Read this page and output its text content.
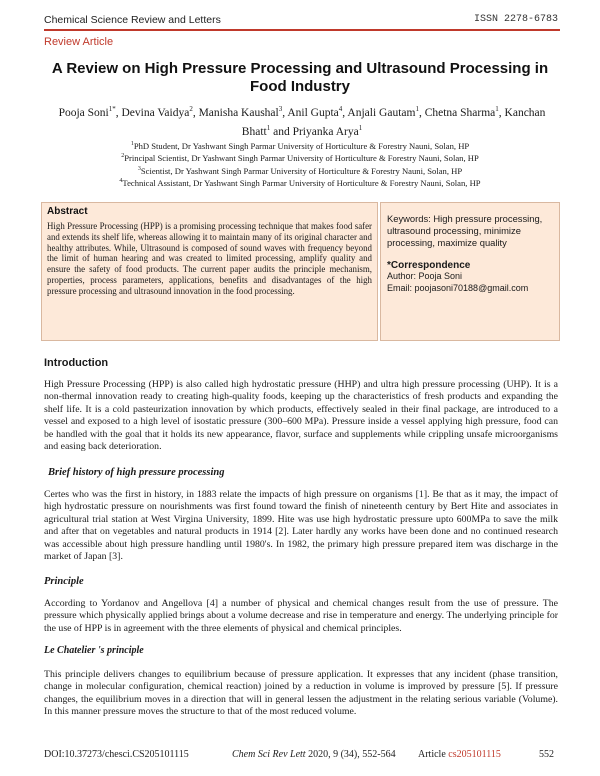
Chemical Science Review and Letters	ISSN 2278-6783
Review Article
A Review on High Pressure Processing and Ultrasound Processing in Food Industry
Pooja Soni$^{1*}$, Devina Vaidya$^2$, Manisha Kaushal$^3$, Anil Gupta$^4$, Anjali Gautam$^1$, Chetna Sharma$^1$, Kanchan Bhatt$^1$ and Priyanka Arya$^1$
$^1$PhD Student, Dr Yashwant Singh Parmar University of Horticulture & Forestry Nauni, Solan, HP
$^2$Principal Scientist, Dr Yashwant Singh Parmar University of Horticulture & Forestry Nauni, Solan, HP
$^3$Scientist, Dr Yashwant Singh Parmar University of Horticulture & Forestry Nauni, Solan, HP
$^4$Technical Assistant, Dr Yashwant Singh Parmar University of Horticulture & Forestry Nauni, Solan, HP
Abstract

High Pressure Processing (HPP) is a promising processing technique that makes food safer and extends its shelf life, whereas allowing it to maintain many of its original character and healthy attributes. While, Ultrasound is composed of sound waves with frequency beyond the limit of human hearing and was created to limited processing, amplify quality and ensure the safety of food products. The current paper audits the principle mechanism, properties, process parameters, applications, benefits and disadvantages of the high pressure processing and ultrasound innovation in the food processing.

Keywords: High pressure processing, ultrasound processing, minimize processing, maximize quality
*Correspondence
Author: Pooja Soni
Email: poojasoni70188@gmail.com
Introduction

High Pressure Processing (HPP) is also called high hydrostatic pressure (HHP) and ultra high pressure processing (UHP). It is a non-thermal innovation ready to creating high-quality foods, keeping up the characteristics of fresh products and expanding the shelf life. It is a cold pasteurization innovation by which products, effectively sealed in their final package, are introduced to a vessel and exposed to a high level of isostatic pressure (300–600 MPa). Pressure inside a vessel applying high pressure, food can be handled with the goal that it holds its new appearance, flavor, surface and supplements while crippling unsafe microorganisms and easing back deterioration.

Brief history of high pressure processing

Certes who was the first in history, in 1883 relate the impacts of high pressure on organisms [1]. Be that as it may, the impact of high hydrostatic pressure on nourishments was first found toward the finish of nineteenth century by Bert Hite and associates in agricultural trial station at West Virgina University, 1899. Hite was use high hydrostatic pressure upto 600MPa to save the milk and after that on vegetables and natural products in 1914 [2]. Later hardly any works have been done and no continued research was accessible about high pressure handling until 1980's. In 1982, the primary high pressure prepared item was discharge in the market of Japan [3].

Principle

According to Yordanov and Angellova [4] a number of physical and chemical changes result from the use of pressure. The pressure which physically applied brings about a volume decrease and rise in temperature and energy. The underlying principle for the use of HPP is in agreement with the three elements of physical and chemical principles.

Le Chatelier 's principle

This principle delivers changes to equilibrium because of pressure application. It expresses that any incident (phase transition, change in molecular configuration, chemical reaction) joined by a reduction in volume is improved by pressure [5]. If pressure changes, the equilibrium moves in a direction that will in general lessen the adjustment in the relating serious variable (Volume). In this manner pressure moves the structure to that of the most reduced volume.

DOI:10.37273/chesci.CS205101115	Chem Sci Rev Lett 2020, 9 (34), 552-564 Article cs205101115	552
